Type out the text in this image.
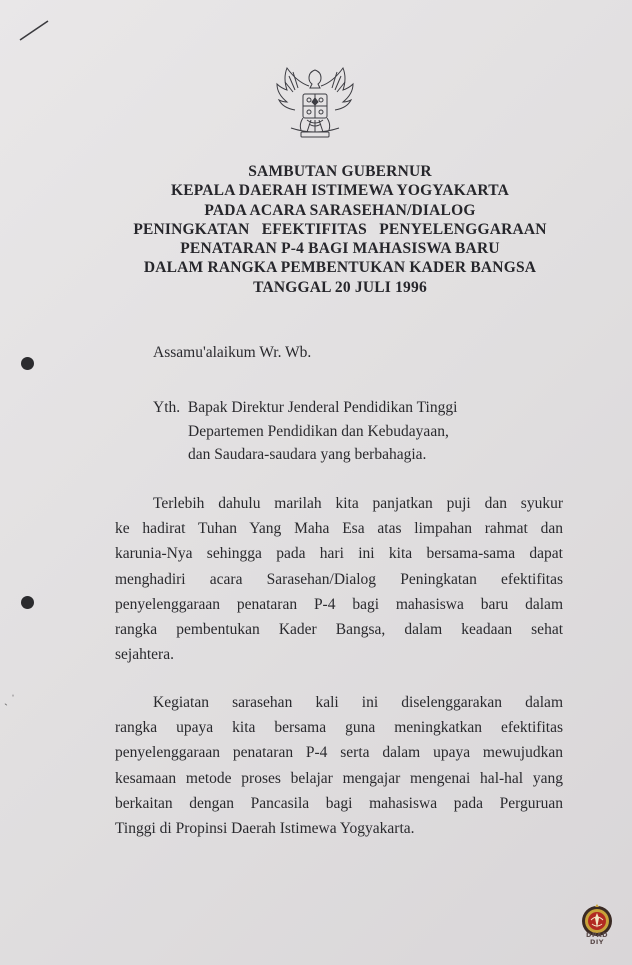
SAMBUTAN GUBERNUR
KEPALA DAERAH ISTIMEWA YOGYAKARTA
PADA ACARA SARASEHAN/DIALOG
PENINGKATAN   EFEKTIFITAS   PENYELENGGARAAN
PENATARAN P-4 BAGI MAHASISWA BARU
DALAM RANGKA PEMBENTUKAN KADER BANGSA
TANGGAL 20 JULI 1996
ˎ ˈ
Assamu'alaikum Wr. Wb.
Yth.  Bapak Direktur Jenderal Pendidikan Tinggi
Departemen Pendidikan dan Kebudayaan,
dan Saudara-saudara yang berbahagia.
Terlebih dahulu marilah kita panjatkan puji dan syukur
ke hadirat Tuhan Yang Maha Esa atas limpahan rahmat dan
karunia-Nya sehingga pada hari ini kita bersama-sama dapat
menghadiri acara Sarasehan/Dialog Peningkatan efektifitas
penyelenggaraan penataran P-4 bagi mahasiswa baru dalam
rangka pembentukan Kader Bangsa, dalam keadaan sehat
sejahtera.
Kegiatan sarasehan kali ini diselenggarakan dalam
rangka upaya kita bersama guna meningkatkan efektifitas
penyelenggaraan penataran P-4 serta dalam upaya mewujudkan
kesamaan metode proses belajar mengajar mengenai hal-hal yang
berkaitan dengan Pancasila bagi mahasiswa pada Perguruan
Tinggi di Propinsi Daerah Istimewa Yogyakarta.
DPAD
DIY
